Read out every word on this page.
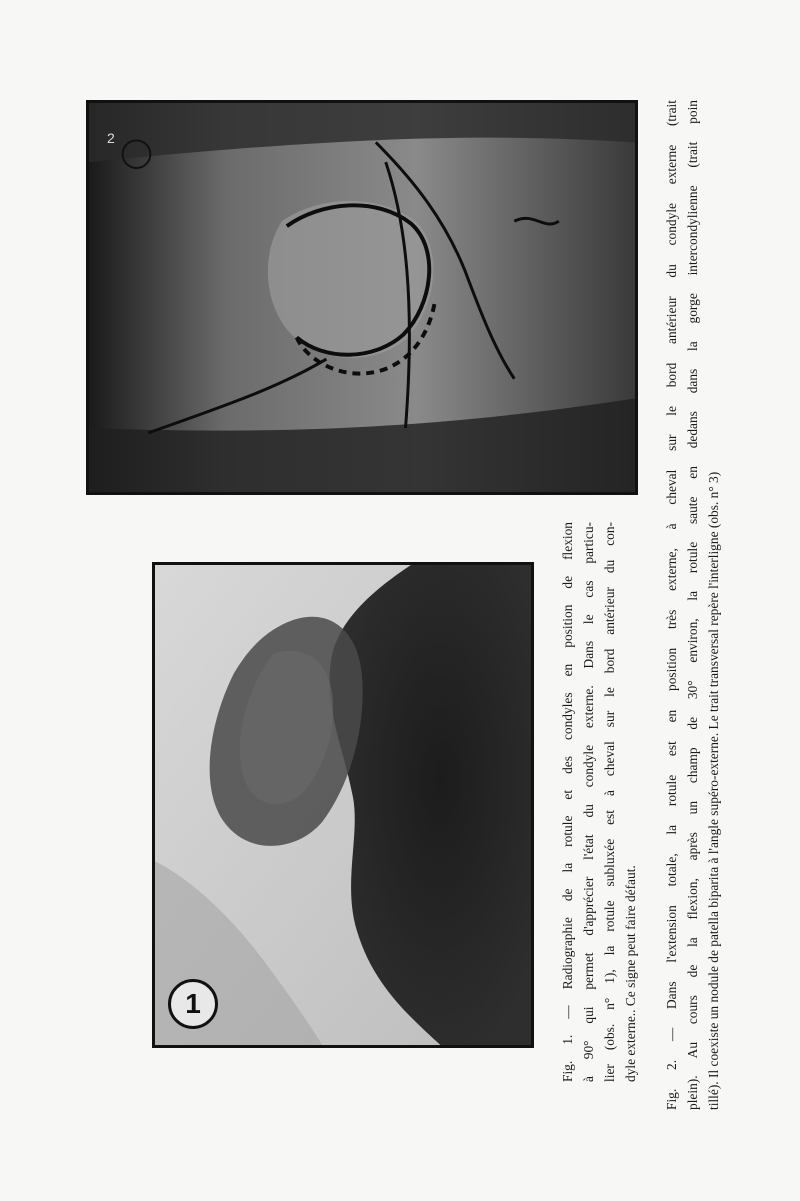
1	Fig. 1. — Radiographie de la rotule et des condyles en position de flexion à 90° qui permet d'apprécier l'état du condyle externe. Dans le cas particu- lier (obs. n° 1), la rotule subluxée est à cheval sur le bord antérieur du con- dyle externe.. Ce signe peut faire défaut. Fig. 2. — Dans l'extension totale, la rotule est en position très externe, à cheval sur le bord antérieur du condyle externe (trait plein). Au cours de la flexion, après un champ de 30° environ, la rotule saute en dedans dans la gorge intercondylienne (trait poin tillé). Il coexiste un nodule de patella biparita à l'angle supéro-externe. Le trait transversal repère l'interligne (obs. n° 3)
2
